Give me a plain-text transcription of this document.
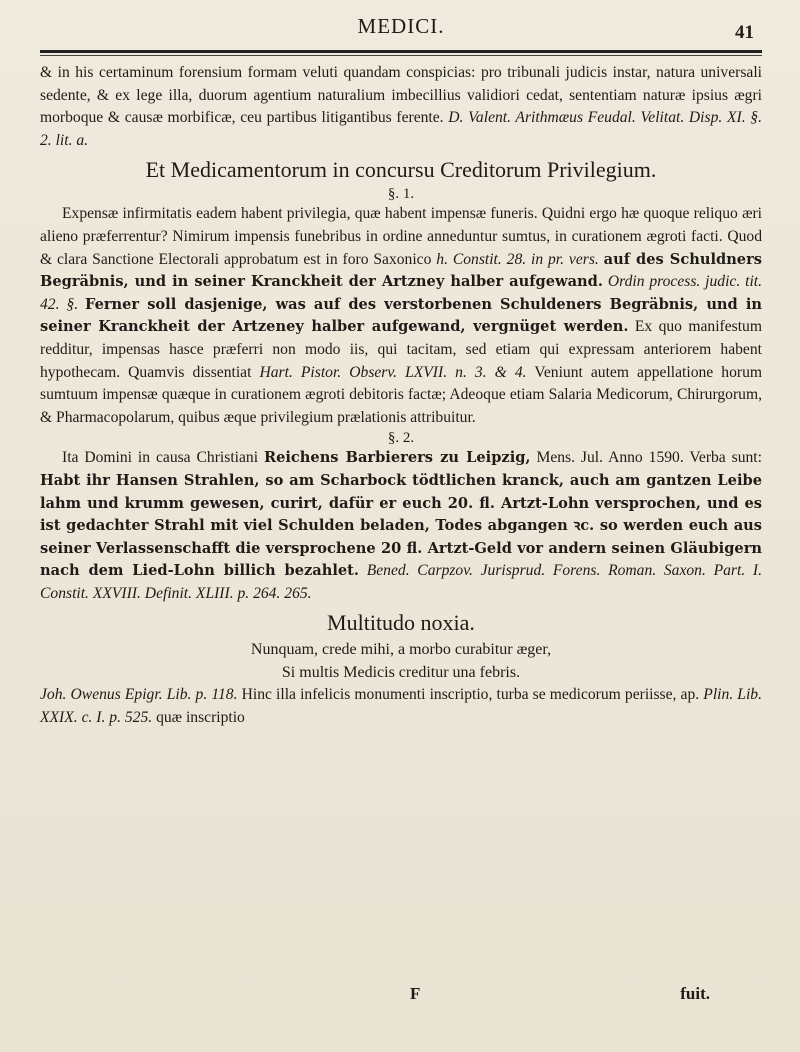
MEDICI.	41

& in his certaminum forensium formam veluti quandam conspicias: pro tribunali judicis instar, natura universali sedente, & ex lege illa, duorum agentium naturalium imbecillius validiori cedat, sententiam naturæ ipsius ægri morboque & causæ morbificæ, ceu partibus litigantibus ferente. D. Valent. Arithmæus Feudal. Velitat. Disp. XI. §. 2. lit. a.

Et Medicamentorum in concursu Creditorum Privilegium.
§. 1.

Expensæ infirmitatis eadem habent privilegia, quæ habent impensæ funeris. Quidni ergo hæ quoque reliquo æri alieno præferrentur? Nimirum impensis funebribus in ordine anneduntur sumtus, in curationem ægroti facti. Quod & clara Sanctione Electorali approbatum est in foro Saxonico h. Constit. 28. in pr. vers. auf des Schuldners Begräbnis, und in seiner Kranckheit der Artzney halber aufgewand. Ordin process. judic. tit. 42. §. Ferner soll dasjenige, was auf des verstorbenen Schuldeners Begräbnis, und in seiner Kranckheit der Artzeney halber aufgewand, vergnüget werden. Ex quo manifestum redditur, impensas hasce præferri non modo iis, qui tacitam, sed etiam qui expressam anteriorem habent hypothecam. Quamvis dissentiat Hart. Pistor. Observ. LXVII. n. 3. & 4. Veniunt autem appellatione horum sumtuum impensæ quæque in curationem ægroti debitoris factæ; Adeoque etiam Salaria Medicorum, Chirurgorum, & Pharmacopolarum, quibus æque privilegium prælationis attribuitur.

§. 2.

Ita Domini in causa Christiani Reichens Barbierers zu Leipzig, Mens. Jul. Anno 1590. Verba sunt: Habt ihr Hansen Strahlen, so am Scharbock tödtlichen kranck, auch am gantzen Leibe lahm und krumm gewesen, curirt, dafür er euch 20. fl. Artzt-Lohn versprochen, und es ist gedachter Strahl mit viel Schulden beladen, Todes abgangen ꝛc. so werden euch aus seiner Verlassenschafft die versprochene 20 fl. Artzt-Geld vor andern seinen Gläubigern nach dem Lied-Lohn billich bezahlet. Bened. Carpzov. Jurisprud. Forens. Roman. Saxon. Part. I. Constit. XXVIII. Definit. XLIII. p. 264. 265.

Multitudo noxia.
Nunquam, crede mihi, a morbo curabitur æger,
Si multis Medicis creditur una febris.

Joh. Owenus Epigr. Lib. p. 118. Hinc illa infelicis monumenti inscriptio, turba se medicorum periisse, ap. Plin. Lib. XXIX. c. I. p. 525. quæ inscriptio

F	fuit.
